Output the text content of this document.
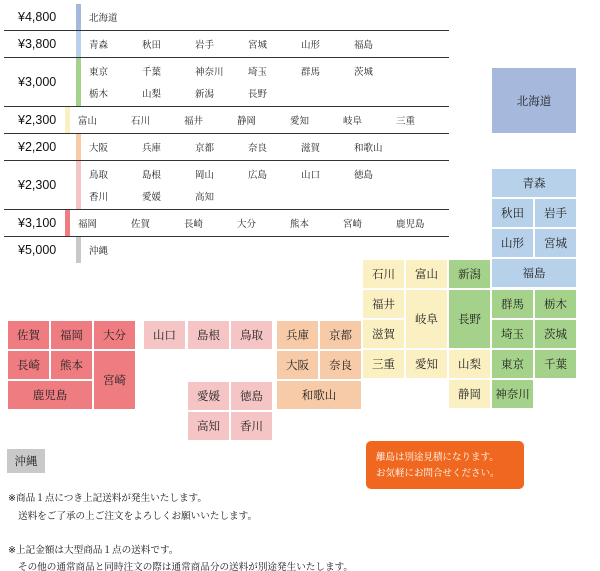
¥4,800	北海道
¥3,800	青森	秋田	岩手	宮城	山形	福島
¥3,000
東京	千葉	神奈川	埼玉	群馬	茨城
栃木	山梨	新潟	長野
¥2,300	富山	石川	福井	静岡	愛知	岐阜	三重
¥2,200	大阪	兵庫	京都	奈良	滋賀	和歌山
¥2,300
鳥取	島根	岡山	広島	山口	徳島
香川	愛媛	高知
¥3,100	福岡	佐賀	長崎	大分	熊本	宮崎	鹿児島
¥5,000	沖縄
北海道
青森
秋田 岩手
山形 宮城
福島
石川 富山 新潟
福井
岐阜 長野
滋賀
三重 愛知 山梨
静岡
群馬 栃木
埼玉 茨城
東京 千葉
神奈川
兵庫 京都
大阪 奈良
和歌山
山口 島根 鳥取
愛媛 徳島
高知 香川
佐賀 福岡 大分
長崎 熊本
宮崎
鹿児島
沖縄	離島は別途見積になります。
お気軽にお問合せください。
※商品１点につき上記送料が発生いたします。
送料をご了承の上ご注文をよろしくお願いいたします。
※上記金額は大型商品１点の送料です。
その他の通常商品と同時注文の際は通常商品分の送料が別途発生いたします。
